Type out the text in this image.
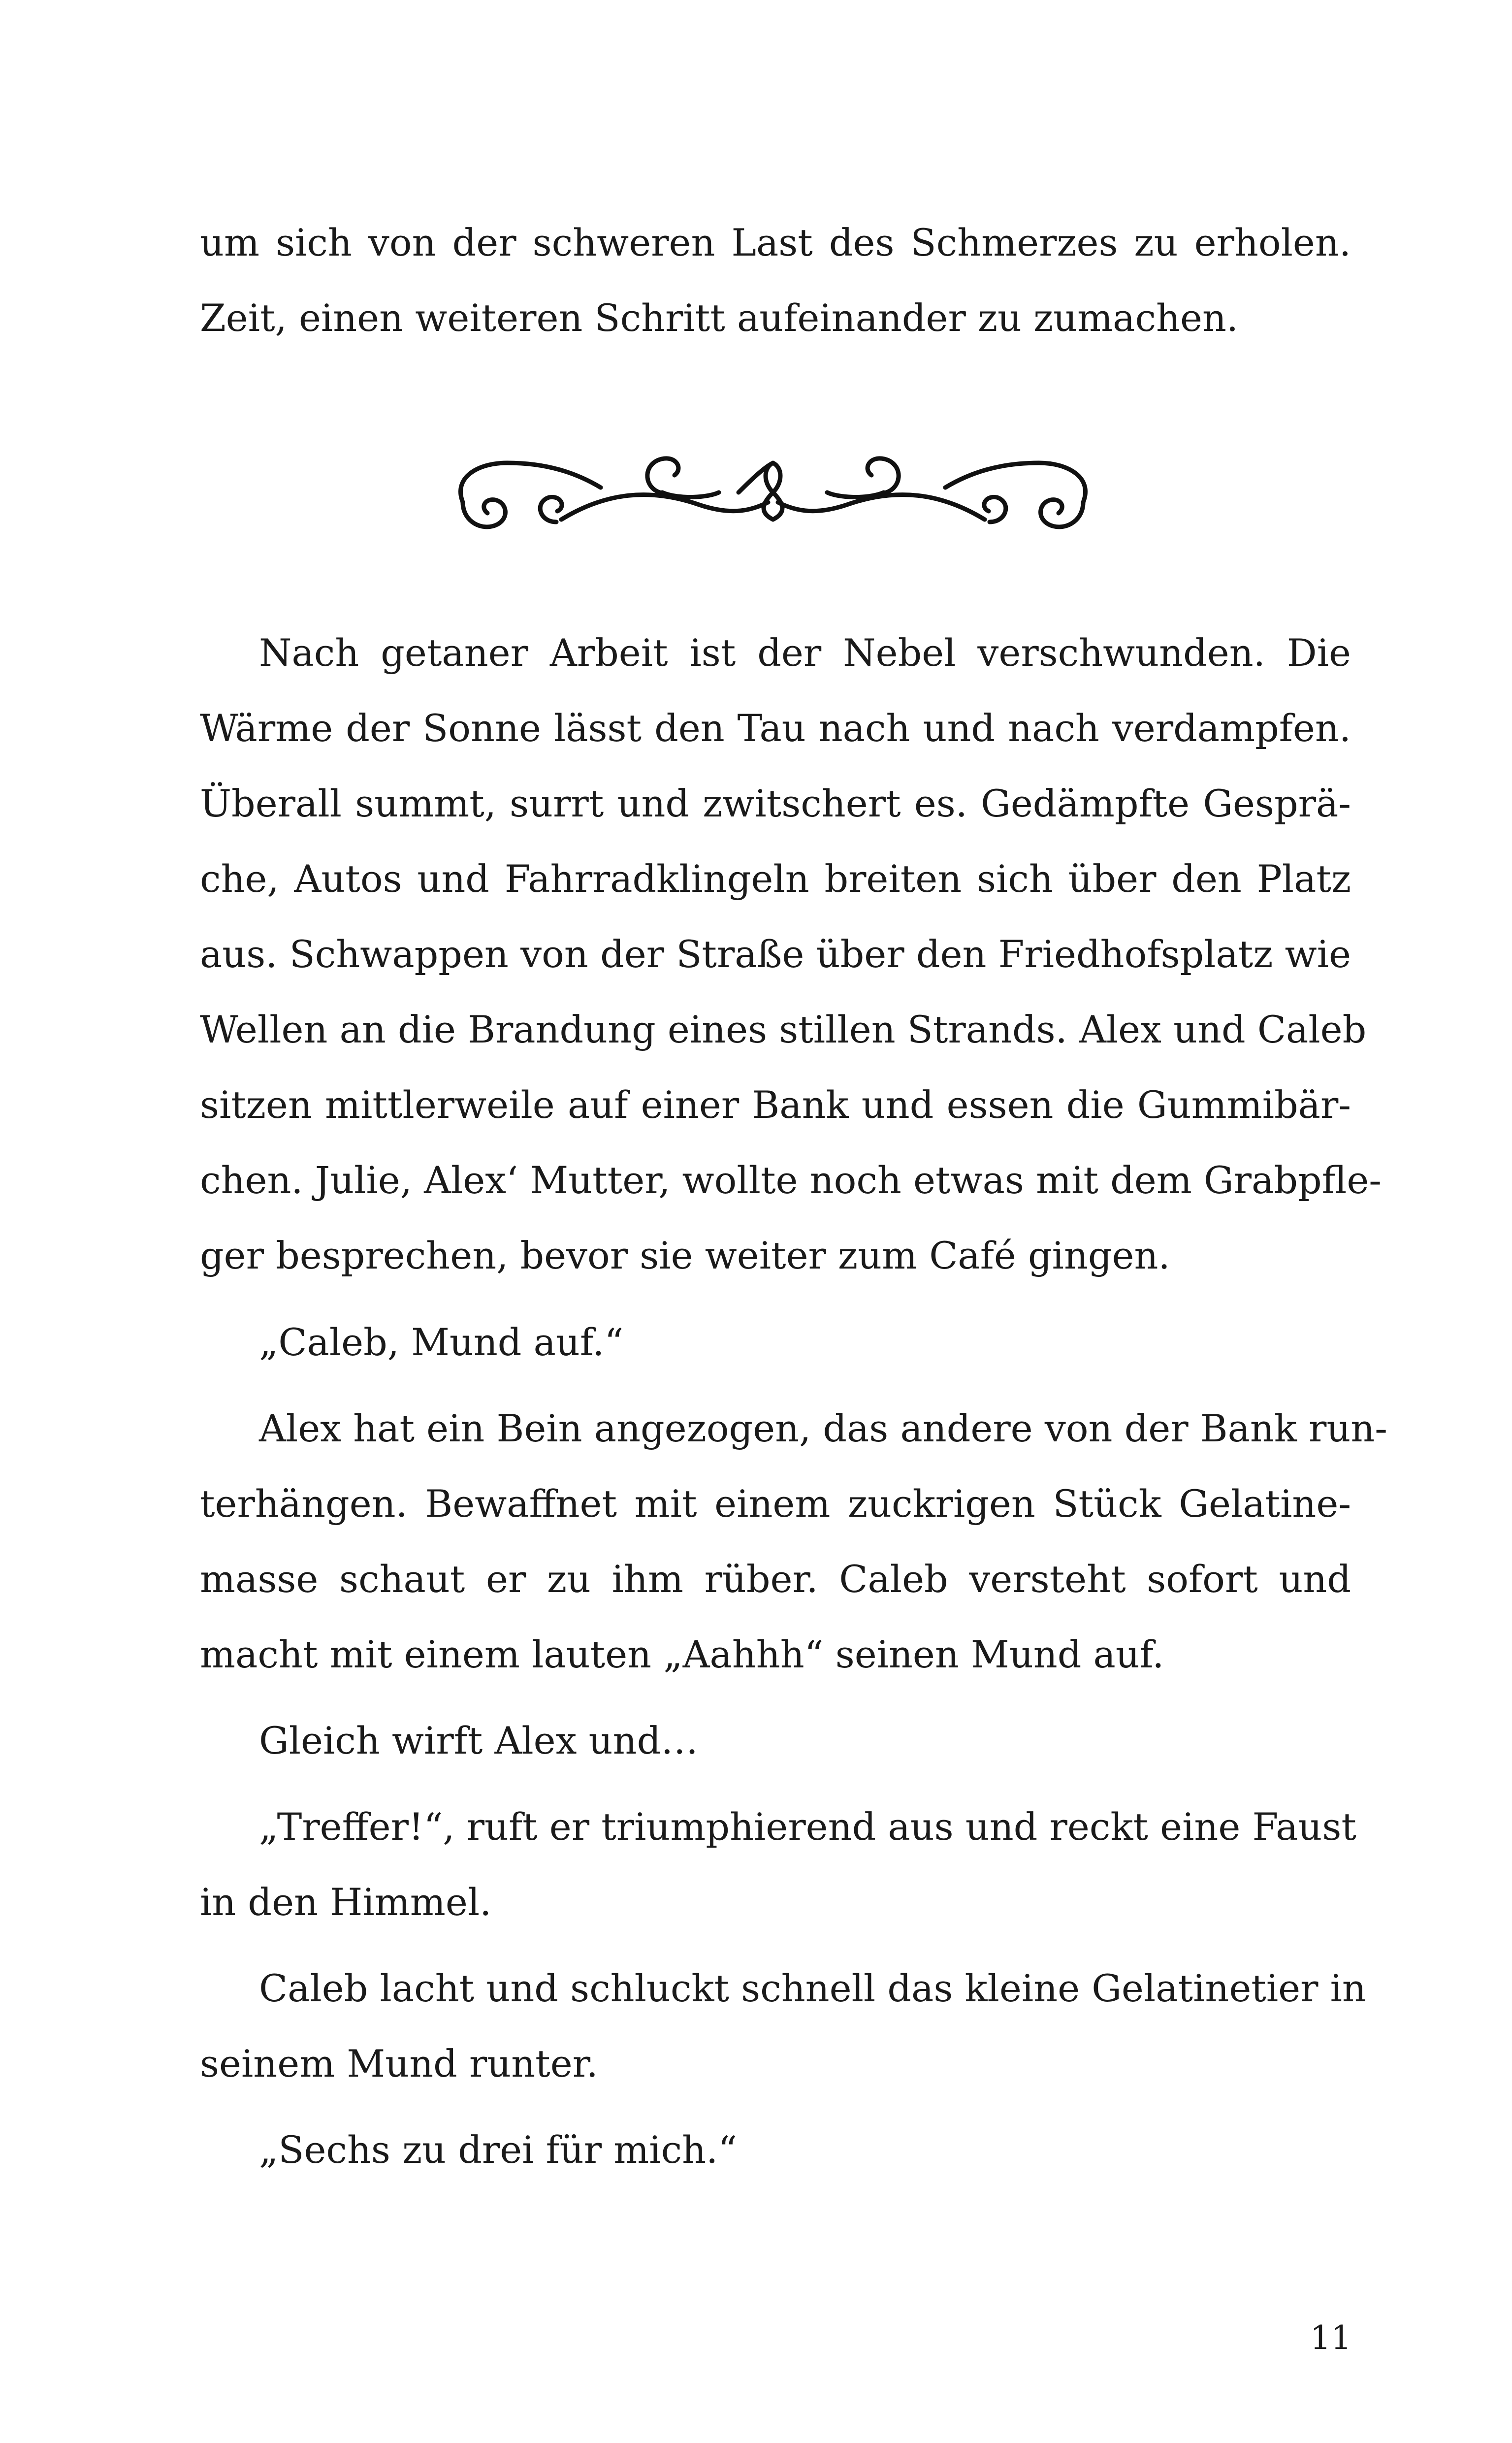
um sich von der schweren Last des Schmerzes zu erholen.

Zeit, einen weiteren Schritt aufeinander zu zumachen.

Nach getaner Arbeit ist der Nebel verschwunden. Die

Wärme der Sonne lässt den Tau nach und nach verdampfen.

Überall summt, surrt und zwitschert es. Gedämpfte Gesprä-

che, Autos und Fahrradklingeln breiten sich über den Platz

aus. Schwappen von der Straße über den Friedhofsplatz wie

Wellen an die Brandung eines stillen Strands. Alex und Caleb

sitzen mittlerweile auf einer Bank und essen die Gummibär-

chen. Julie, Alex‘ Mutter, wollte noch etwas mit dem Grabpfle-

ger besprechen, bevor sie weiter zum Café gingen.

„Caleb, Mund auf.“

Alex hat ein Bein angezogen, das andere von der Bank run-

terhängen. Bewaffnet mit einem zuckrigen Stück Gelatine-

masse schaut er zu ihm rüber. Caleb versteht sofort und

macht mit einem lauten „Aahhh“ seinen Mund auf.

Gleich wirft Alex und…

„Treffer!“, ruft er triumphierend aus und reckt eine Faust

in den Himmel.

Caleb lacht und schluckt schnell das kleine Gelatinetier in

seinem Mund runter.

„Sechs zu drei für mich.“

11
